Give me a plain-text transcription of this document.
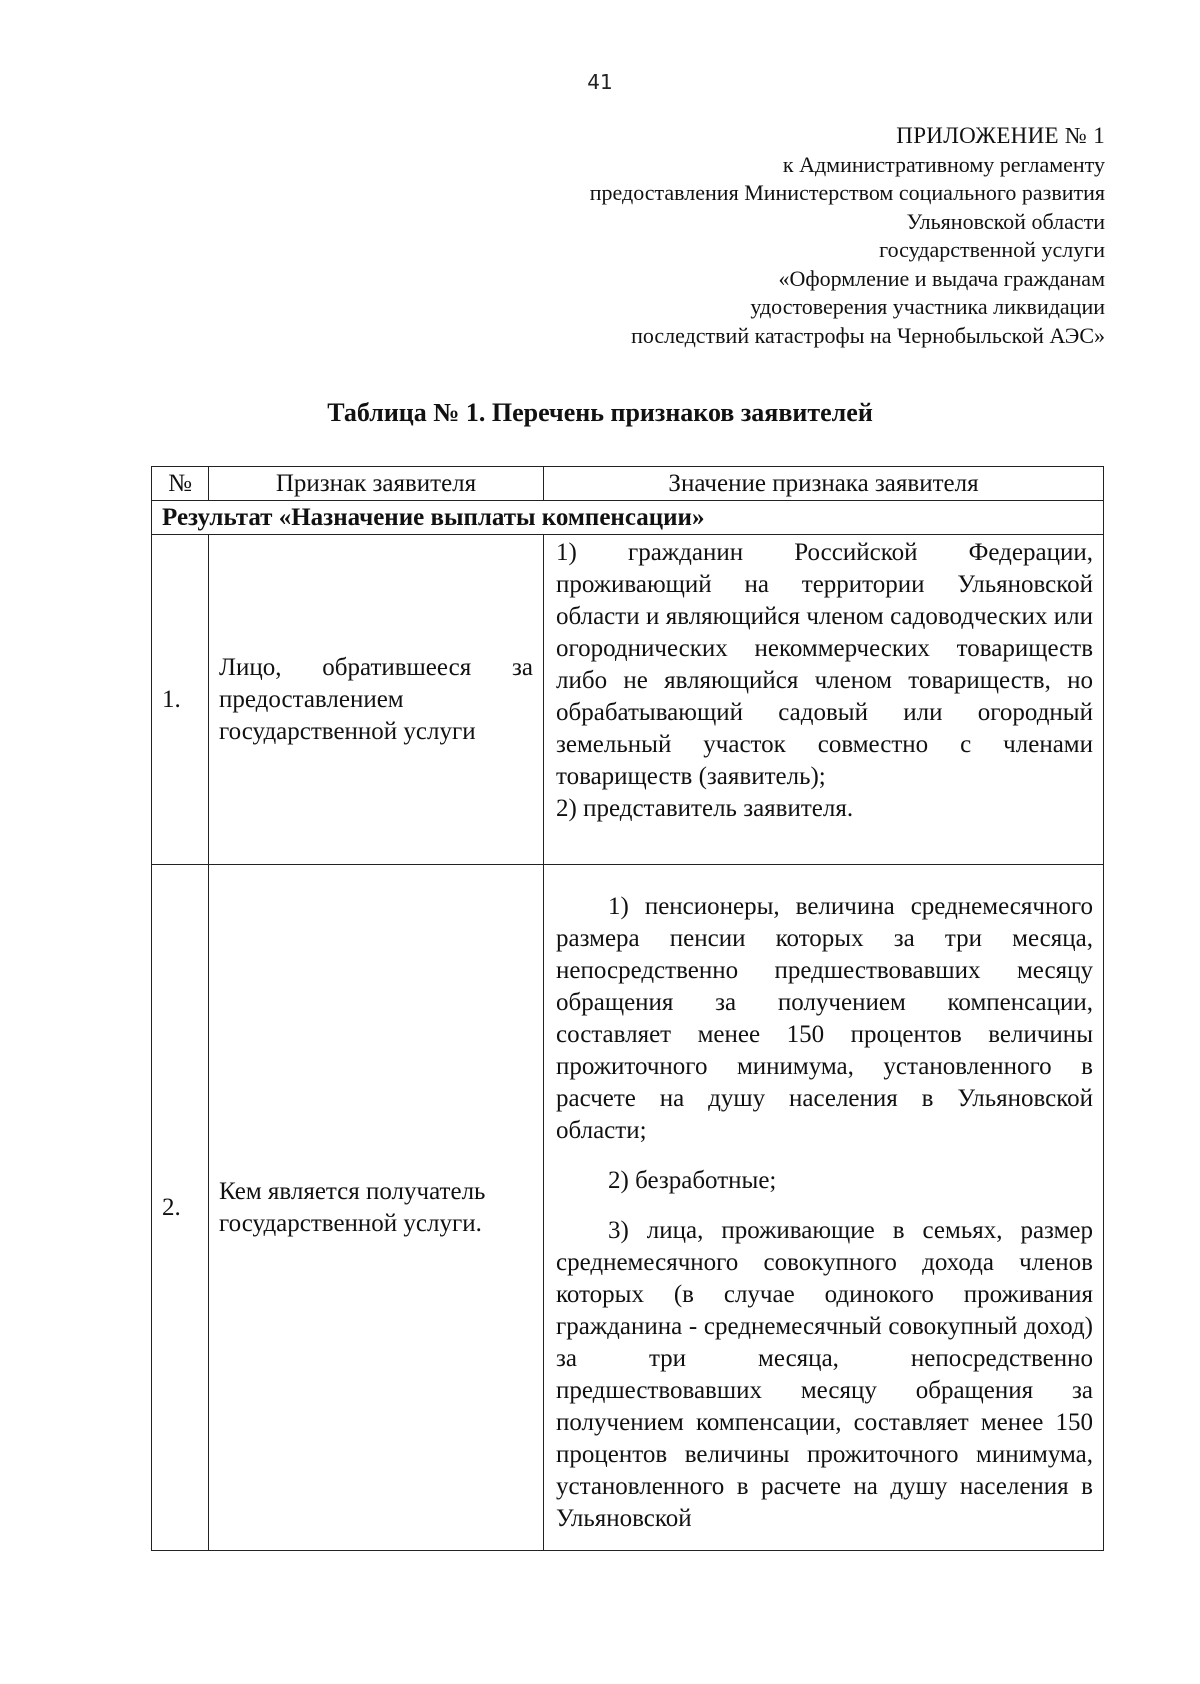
41
ПРИЛОЖЕНИЕ № 1
к Административному регламенту
предоставления Министерством социального развития
Ульяновской области
государственной услуги
«Оформление и выдача гражданам
удостоверения участника ликвидации
последствий катастрофы на Чернобыльской АЭС»
Таблица № 1. Перечень признаков заявителей
№	Признак заявителя	Значение признака заявителя
Результат «Назначение выплаты компенсации»		
1.	Лицо, обратившееся за предоставлением государственной услуги	1) гражданин Российской Федерации, проживающий на территории Ульяновской области и являющийся членом садоводческих или огороднических некоммерческих товариществ либо не являющийся членом товариществ, но обрабатывающий садовый или огородный земельный участок совместно с членами товариществ (заявитель);

2) представитель заявителя.

2.	Кем является получатель государственной услуги.	1) пенсионеры, величина среднемесячного размера пенсии которых за три месяца, непосредственно предшествовавших месяцу обращения за получением компенсации, составляет менее 150 процентов величины прожиточного минимума, установленного в расчете на душу населения в Ульяновской области;

2) безработные;

3) лица, проживающие в семьях, размер среднемесячного совокупного дохода членов которых (в случае одинокого проживания гражданина - среднемесячный совокупный доход) за три месяца, непосредственно предшествовавших месяцу обращения за получением компенсации, составляет менее 150 процентов величины прожиточного минимума, установленного в расчете на душу населения в Ульяновской
